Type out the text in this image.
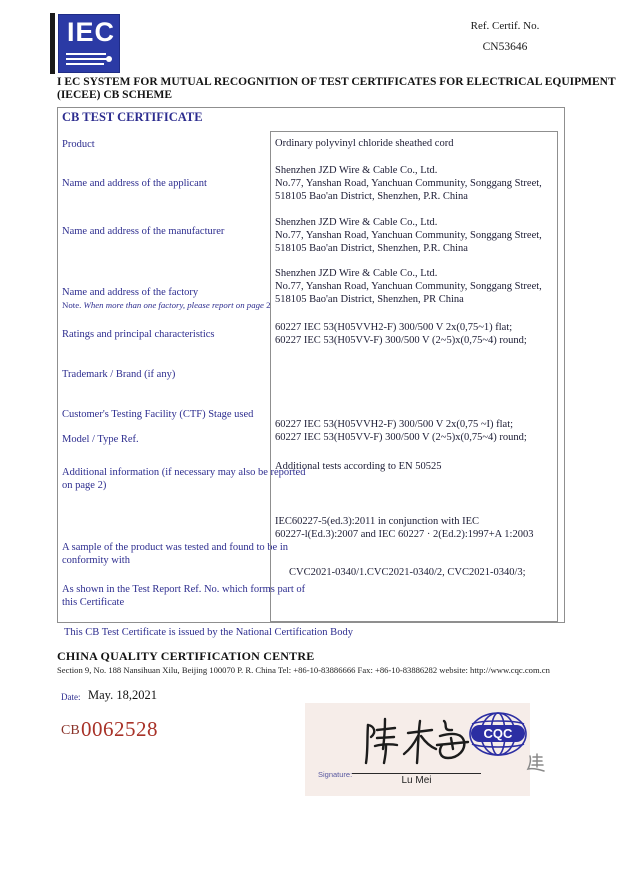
IEC	Ref. Certif. No.
CN53646
I EC SYSTEM FOR MUTUAL RECOGNITION OF TEST CERTIFICATES FOR ELECTRICAL EQUIPMENT
(IECEE) CB SCHEME
CB TEST CERTIFICATE
Product
Name and address of the applicant
Name and address of the manufacturer
Name and address of the factory
Note. When more than one factory, please report on page 2
Ratings and principal characteristics
Trademark / Brand (if any)
Customer's Testing Facility (CTF) Stage used
Model / Type Ref.
Additional information (if necessary may also be reported
on page 2)
A sample of the product was tested and found to be in
conformity with
As shown in the Test Report Ref. No. which forms part of
this Certificate
Ordinary polyvinyl chloride sheathed cord
Shenzhen JZD Wire & Cable Co., Ltd.
No.77, Yanshan Road, Yanchuan Community, Songgang Street,
518105 Bao'an District, Shenzhen, P.R. China
Shenzhen JZD Wire & Cable Co., Ltd.
No.77, Yanshan Road, Yanchuan Community, Songgang Street,
518105 Bao'an District, Shenzhen, P.R. China
Shenzhen JZD Wire & Cable Co., Ltd.
No.77, Yanshan Road, Yanchuan Community, Songgang Street,
518105 Bao'an District, Shenzhen, PR China
60227 IEC 53(H05VVH2-F) 300/500 V 2x(0,75~1) flat;
60227 IEC 53(H05VV-F) 300/500 V (2~5)x(0,75~4) round;
60227 IEC 53(H05VVH2-F) 300/500 V 2x(0,75 ~I) flat;
60227 IEC 53(H05VV-F) 300/500 V (2~5)x(0,75~4) round;
Additional tests according to EN 50525
IEC60227-5(ed.3):2011 in conjunction with IEC
60227-l(Ed.3):2007 and IEC 60227 · 2(Ed.2):1997+A 1:2003
CVC2021-0340/1.CVC2021-0340/2, CVC2021-0340/3;
This CB Test Certificate is issued by the National Certification Body
CHINA QUALITY CERTIFICATION CENTRE
Section 9, No. 188 Nansihuan Xilu, Beijing 100070 P. R. China Tel: +86-10-83886666 Fax: +86-10-83886282 website: http://www.cqc.com.cn
Date: May. 18,2021
CB 0062528	CQC
Signature:
Lu Mei
